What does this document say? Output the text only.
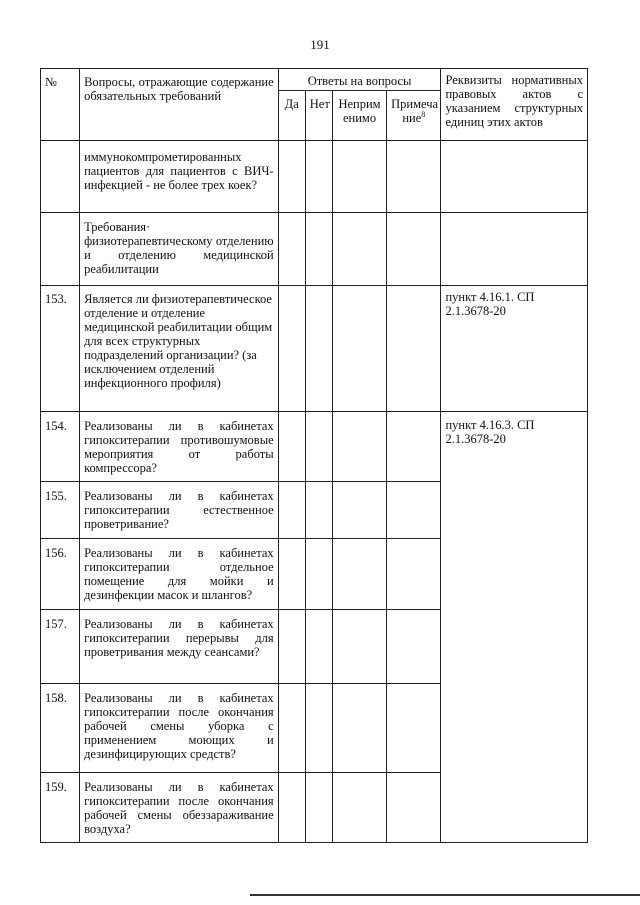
191
№	Вопросы, отражающие содержание обязательных требований	Ответы на вопросы				Реквизиты нормативных правовых актов с указанием структурных единиц этих актов
		Да	Нет	Неприм енимо	Примеча ние$^8$
	иммунокомпрометированных пациентов для пациентов с ВИЧ-инфекцией - не более трех коек?					
	Требования· физиотерапевтическому отделению и отделению медицинской реабилитации					
153.	Является ли физиотерапевтическое отделение и отделение медицинской реабилитации общим для всех структурных подразделений организации? (за исключением отделений инфекционного профиля)					пункт 4.16.1. СП 2.1.3678-20
154.	Реализованы ли в кабинетах гипокситерапии противошумовые мероприятия от работы компрессора?					пункт 4.16.3. СП 2.1.3678-20
155.	Реализованы ли в кабинетах гипокситерапии естественное проветривание?					
156.	Реализованы ли в кабинетах гипокситерапии отдельное помещение для мойки и дезинфекции масок и шлангов?					
157.	Реализованы ли в кабинетах гипокситерапии перерывы для проветривания между сеансами?					
158.	Реализованы ли в кабинетах гипокситерапии после окончания рабочей смены уборка с применением моющих и дезинфицирующих средств?					
159.	Реализованы ли в кабинетах гипокситерапии после окончания рабочей смены обеззараживание воздуха?					
